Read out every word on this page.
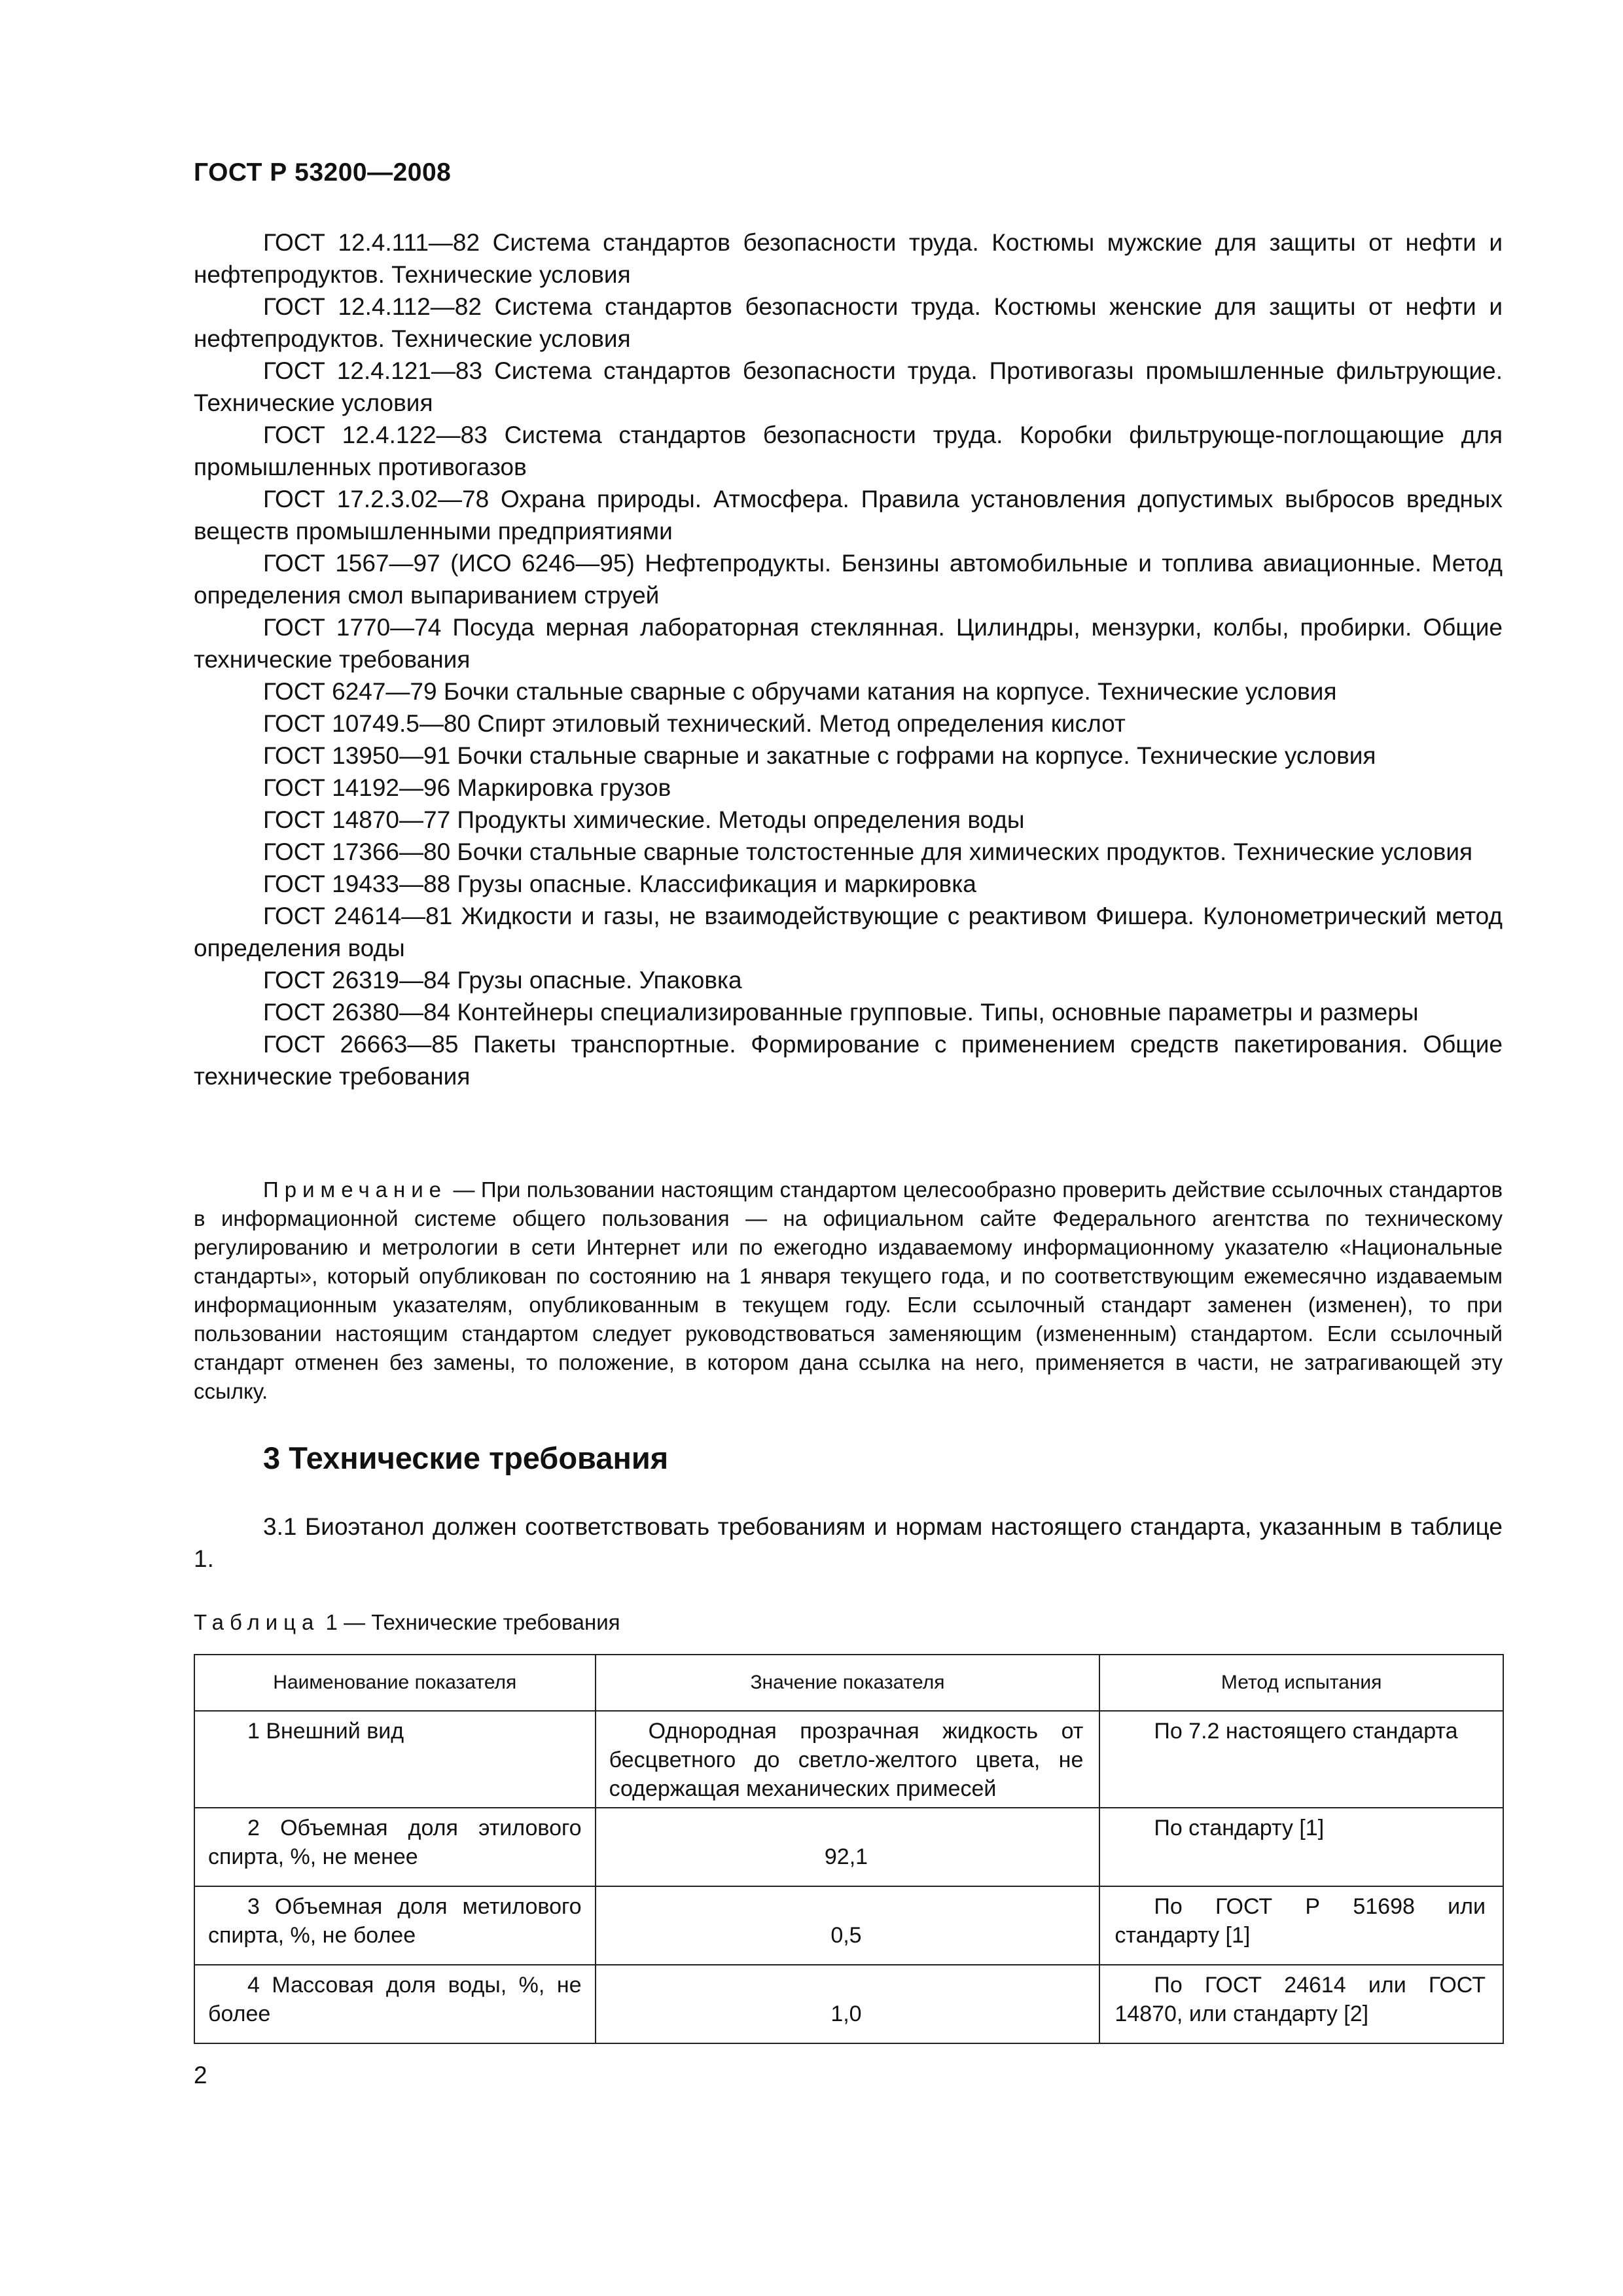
ГОСТ Р 53200—2008

ГОСТ 12.4.111—82 Система стандартов безопасности труда. Костюмы мужские для защиты от нефти и нефтепродуктов. Технические условия

ГОСТ 12.4.112—82 Система стандартов безопасности труда. Костюмы женские для защиты от нефти и нефтепродуктов. Технические условия

ГОСТ 12.4.121—83 Система стандартов безопасности труда. Противогазы промышленные фильтрующие. Технические условия

ГОСТ 12.4.122—83 Система стандартов безопасности труда. Коробки фильтрующе-поглощающие для промышленных противогазов

ГОСТ 17.2.3.02—78 Охрана природы. Атмосфера. Правила установления допустимых выбросов вредных веществ промышленными предприятиями

ГОСТ 1567—97 (ИСО 6246—95) Нефтепродукты. Бензины автомобильные и топлива авиационные. Метод определения смол выпариванием струей

ГОСТ 1770—74 Посуда мерная лабораторная стеклянная. Цилиндры, мензурки, колбы, пробирки. Общие технические требования

ГОСТ 6247—79 Бочки стальные сварные с обручами катания на корпусе. Технические условия

ГОСТ 10749.5—80 Спирт этиловый технический. Метод определения кислот

ГОСТ 13950—91 Бочки стальные сварные и закатные с гофрами на корпусе. Технические условия

ГОСТ 14192—96 Маркировка грузов

ГОСТ 14870—77 Продукты химические. Методы определения воды

ГОСТ 17366—80 Бочки стальные сварные толстостенные для химических продуктов. Технические условия

ГОСТ 19433—88 Грузы опасные. Классификация и маркировка

ГОСТ 24614—81 Жидкости и газы, не взаимодействующие с реактивом Фишера. Кулонометрический метод определения воды

ГОСТ 26319—84 Грузы опасные. Упаковка

ГОСТ 26380—84 Контейнеры специализированные групповые. Типы, основные параметры и размеры

ГОСТ 26663—85 Пакеты транспортные. Формирование с применением средств пакетирования. Общие технические требования

Примечание — При пользовании настоящим стандартом целесообразно проверить действие ссылочных стандартов в информационной системе общего пользования — на официальном сайте Федерального агентства по техническому регулированию и метрологии в сети Интернет или по ежегодно издаваемому информационному указателю «Национальные стандарты», который опубликован по состоянию на 1 января текущего года, и по соответствующим ежемесячно издаваемым информационным указателям, опубликованным в текущем году. Если ссылочный стандарт заменен (изменен), то при пользовании настоящим стандартом следует руководствоваться заменяющим (измененным) стандартом. Если ссылочный стандарт отменен без замены, то положение, в котором дана ссылка на него, применяется в части, не затрагивающей эту ссылку.

3 Технические требования

3.1 Биоэтанол должен соответствовать требованиям и нормам настоящего стандарта, указанным в таблице 1.

Таблица 1 — Технические требования
Наименование показателя	Значение показателя	Метод испытания

1 Внешний вид	Однородная прозрачная жидкость от бесцветного до светло-желтого цвета, не содержащая механических примесей	По 7.2 настоящего стандарта

2 Объемная доля этилового спирта, %, не менее	92,1	По стандарту [1]

3 Объемная доля метилового спирта, %, не более	0,5	По ГОСТ Р 51698 или стандарту [1]

4 Массовая доля воды, %, не более	1,0	По ГОСТ 24614 или ГОСТ 14870, или стандарту [2]
2
